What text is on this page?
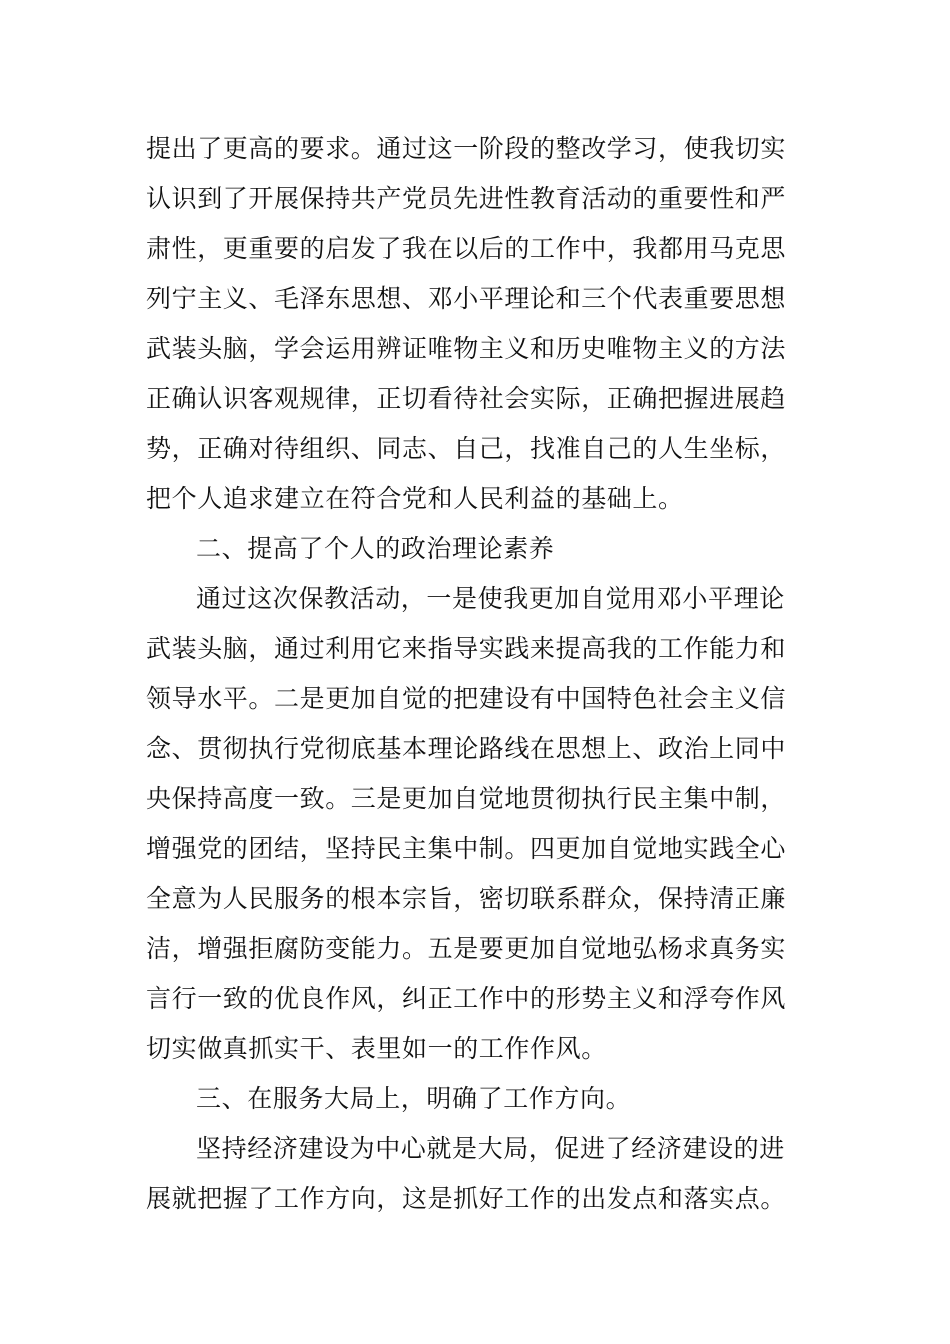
提出了更高的要求。通过这一阶段的整改学习，使我切实
认识到了开展保持共产党员先进性教育活动的重要性和严
肃性，更重要的启发了我在以后的工作中，我都用马克思
列宁主义、毛泽东思想、邓小平理论和三个代表重要思想
武装头脑，学会运用辨证唯物主义和历史唯物主义的方法
正确认识客观规律，正切看待社会实际，正确把握进展趋
势，正确对待组织、同志、自己，找准自己的人生坐标，
把个人追求建立在符合党和人民利益的基础上。
二、提高了个人的政治理论素养
通过这次保教活动，一是使我更加自觉用邓小平理论
武装头脑，通过利用它来指导实践来提高我的工作能力和
领导水平。二是更加自觉的把建设有中国特色社会主义信
念、贯彻执行党彻底基本理论路线在思想上、政治上同中
央保持高度一致。三是更加自觉地贯彻执行民主集中制，
增强党的团结，坚持民主集中制。四更加自觉地实践全心
全意为人民服务的根本宗旨，密切联系群众，保持清正廉
洁，增强拒腐防变能力。五是要更加自觉地弘杨求真务实
言行一致的优良作风，纠正工作中的形势主义和浮夸作风
切实做真抓实干、表里如一的工作作风。
三、在服务大局上，明确了工作方向。
坚持经济建设为中心就是大局，促进了经济建设的进
展就把握了工作方向，这是抓好工作的出发点和落实点。
